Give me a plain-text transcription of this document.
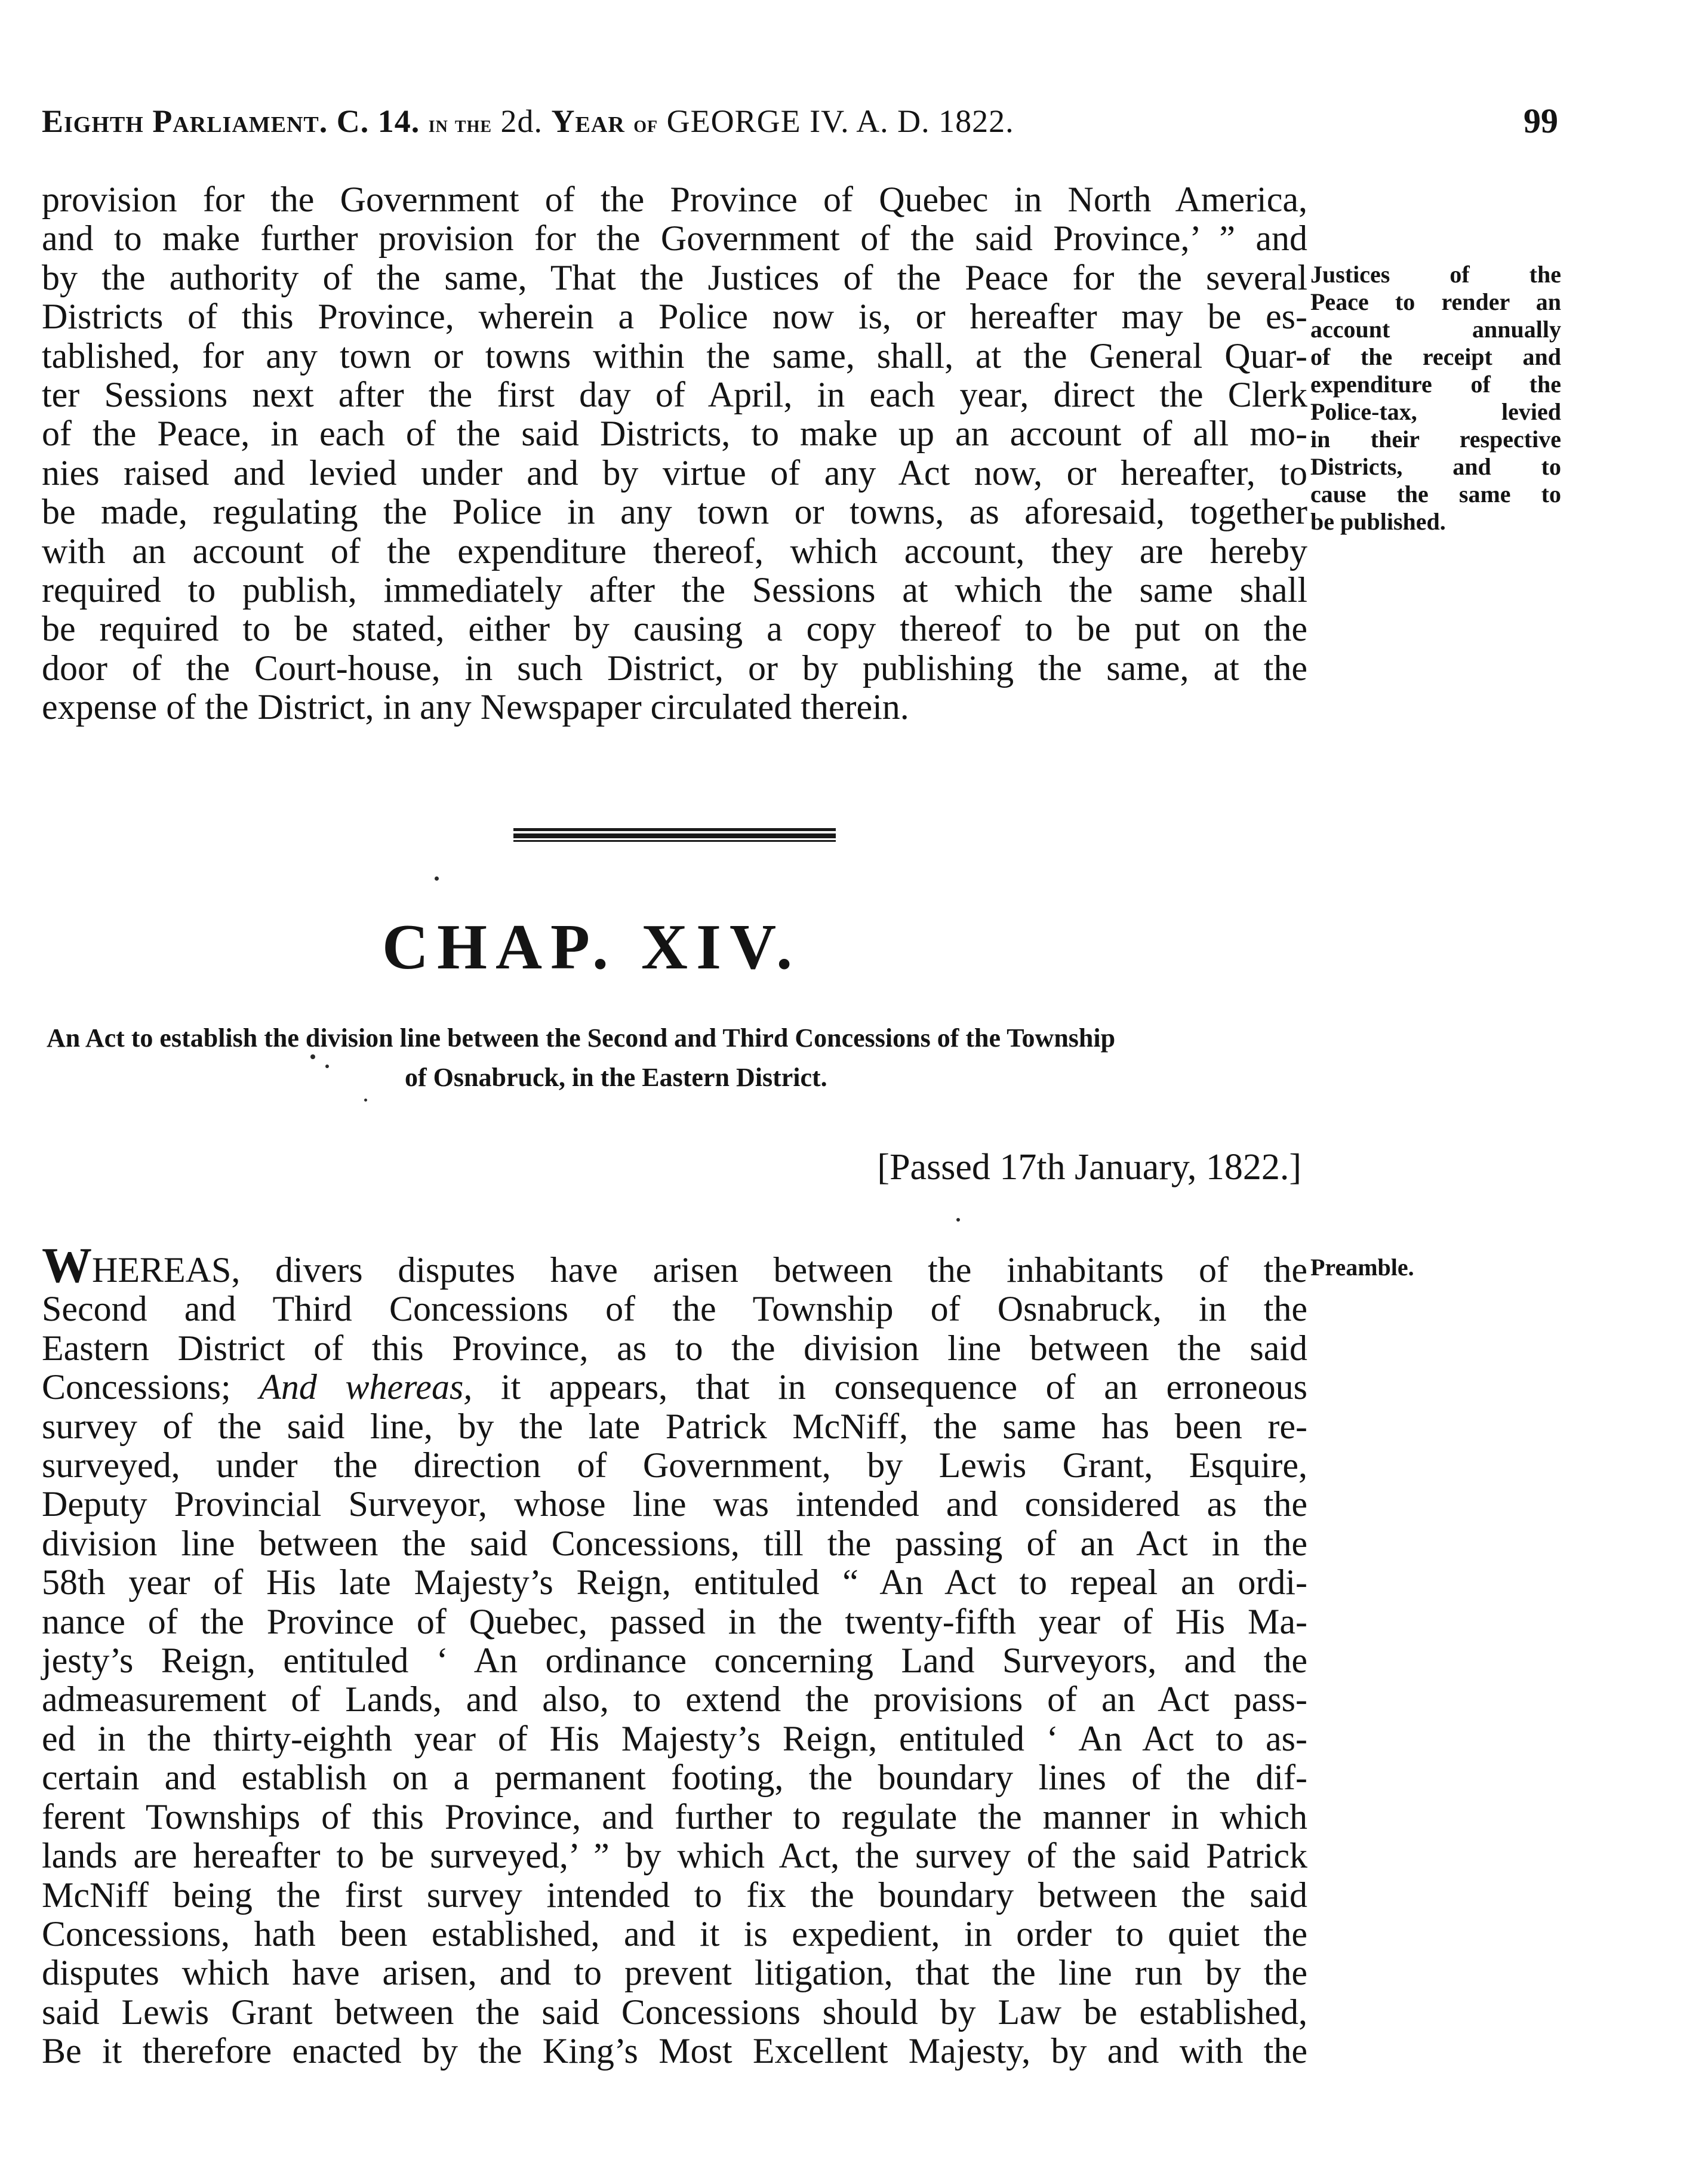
Eighth Parliament. C. 14. in the 2d. Year of GEORGE IV. A. D. 1822.	99
provision for the Government of the Province of Quebec in North America,
and to make further provision for the Government of the said Province,’ ” and
by the authority of the same, That the Justices of the Peace for the several
Districts of this Province, wherein a Police now is, or hereafter may be es-
tablished, for any town or towns within the same, shall, at the General Quar-
ter Sessions next after the first day of April, in each year, direct the Clerk
of the Peace, in each of the said Districts, to make up an account of all mo-
nies raised and levied under and by virtue of any Act now, or hereafter, to
be made, regulating the Police in any town or towns, as aforesaid, together
with an account of the expenditure thereof, which account, they are hereby
required to publish, immediately after the Sessions at which the same shall
be required to be stated, either by causing a copy thereof to be put on the
door of the Court-house, in such District, or by publishing the same, at the
expense of the District, in any Newspaper circulated therein.
Justices of the
Peace to render an
account annually
of the receipt and
expenditure of the
Police-tax, levied
in their respective
Districts, and to
cause the same to
be published.
CHAP. XIV.
An Act to establish the division line between the Second and Third Concessions of the Township
of Osnabruck, in the Eastern District.
[Passed 17th January, 1822.]
WHEREAS, divers disputes have arisen between the inhabitants of the
Second and Third Concessions of the Township of Osnabruck, in the
Eastern District of this Province, as to the division line between the said
Concessions; And whereas, it appears, that in consequence of an erroneous
survey of the said line, by the late Patrick McNiff, the same has been re-
surveyed, under the direction of Government, by Lewis Grant, Esquire,
Deputy Provincial Surveyor, whose line was intended and considered as the
division line between the said Concessions, till the passing of an Act in the
58th year of His late Majesty’s Reign, entituled “ An Act to repeal an ordi-
nance of the Province of Quebec, passed in the twenty-fifth year of His Ma-
jesty’s Reign, entituled ‘ An ordinance concerning Land Surveyors, and the
admeasurement of Lands, and also, to extend the provisions of an Act pass-
ed in the thirty-eighth year of His Majesty’s Reign, entituled ‘ An Act to as-
certain and establish on a permanent footing, the boundary lines of the dif-
ferent Townships of this Province, and further to regulate the manner in which
lands are hereafter to be surveyed,’ ” by which Act, the survey of the said Patrick
McNiff being the first survey intended to fix the boundary between the said
Concessions, hath been established, and it is expedient, in order to quiet the
disputes which have arisen, and to prevent litigation, that the line run by the
said Lewis Grant between the said Concessions should by Law be established,
Be it therefore enacted by the King’s Most Excellent Majesty, by and with the
Preamble.
